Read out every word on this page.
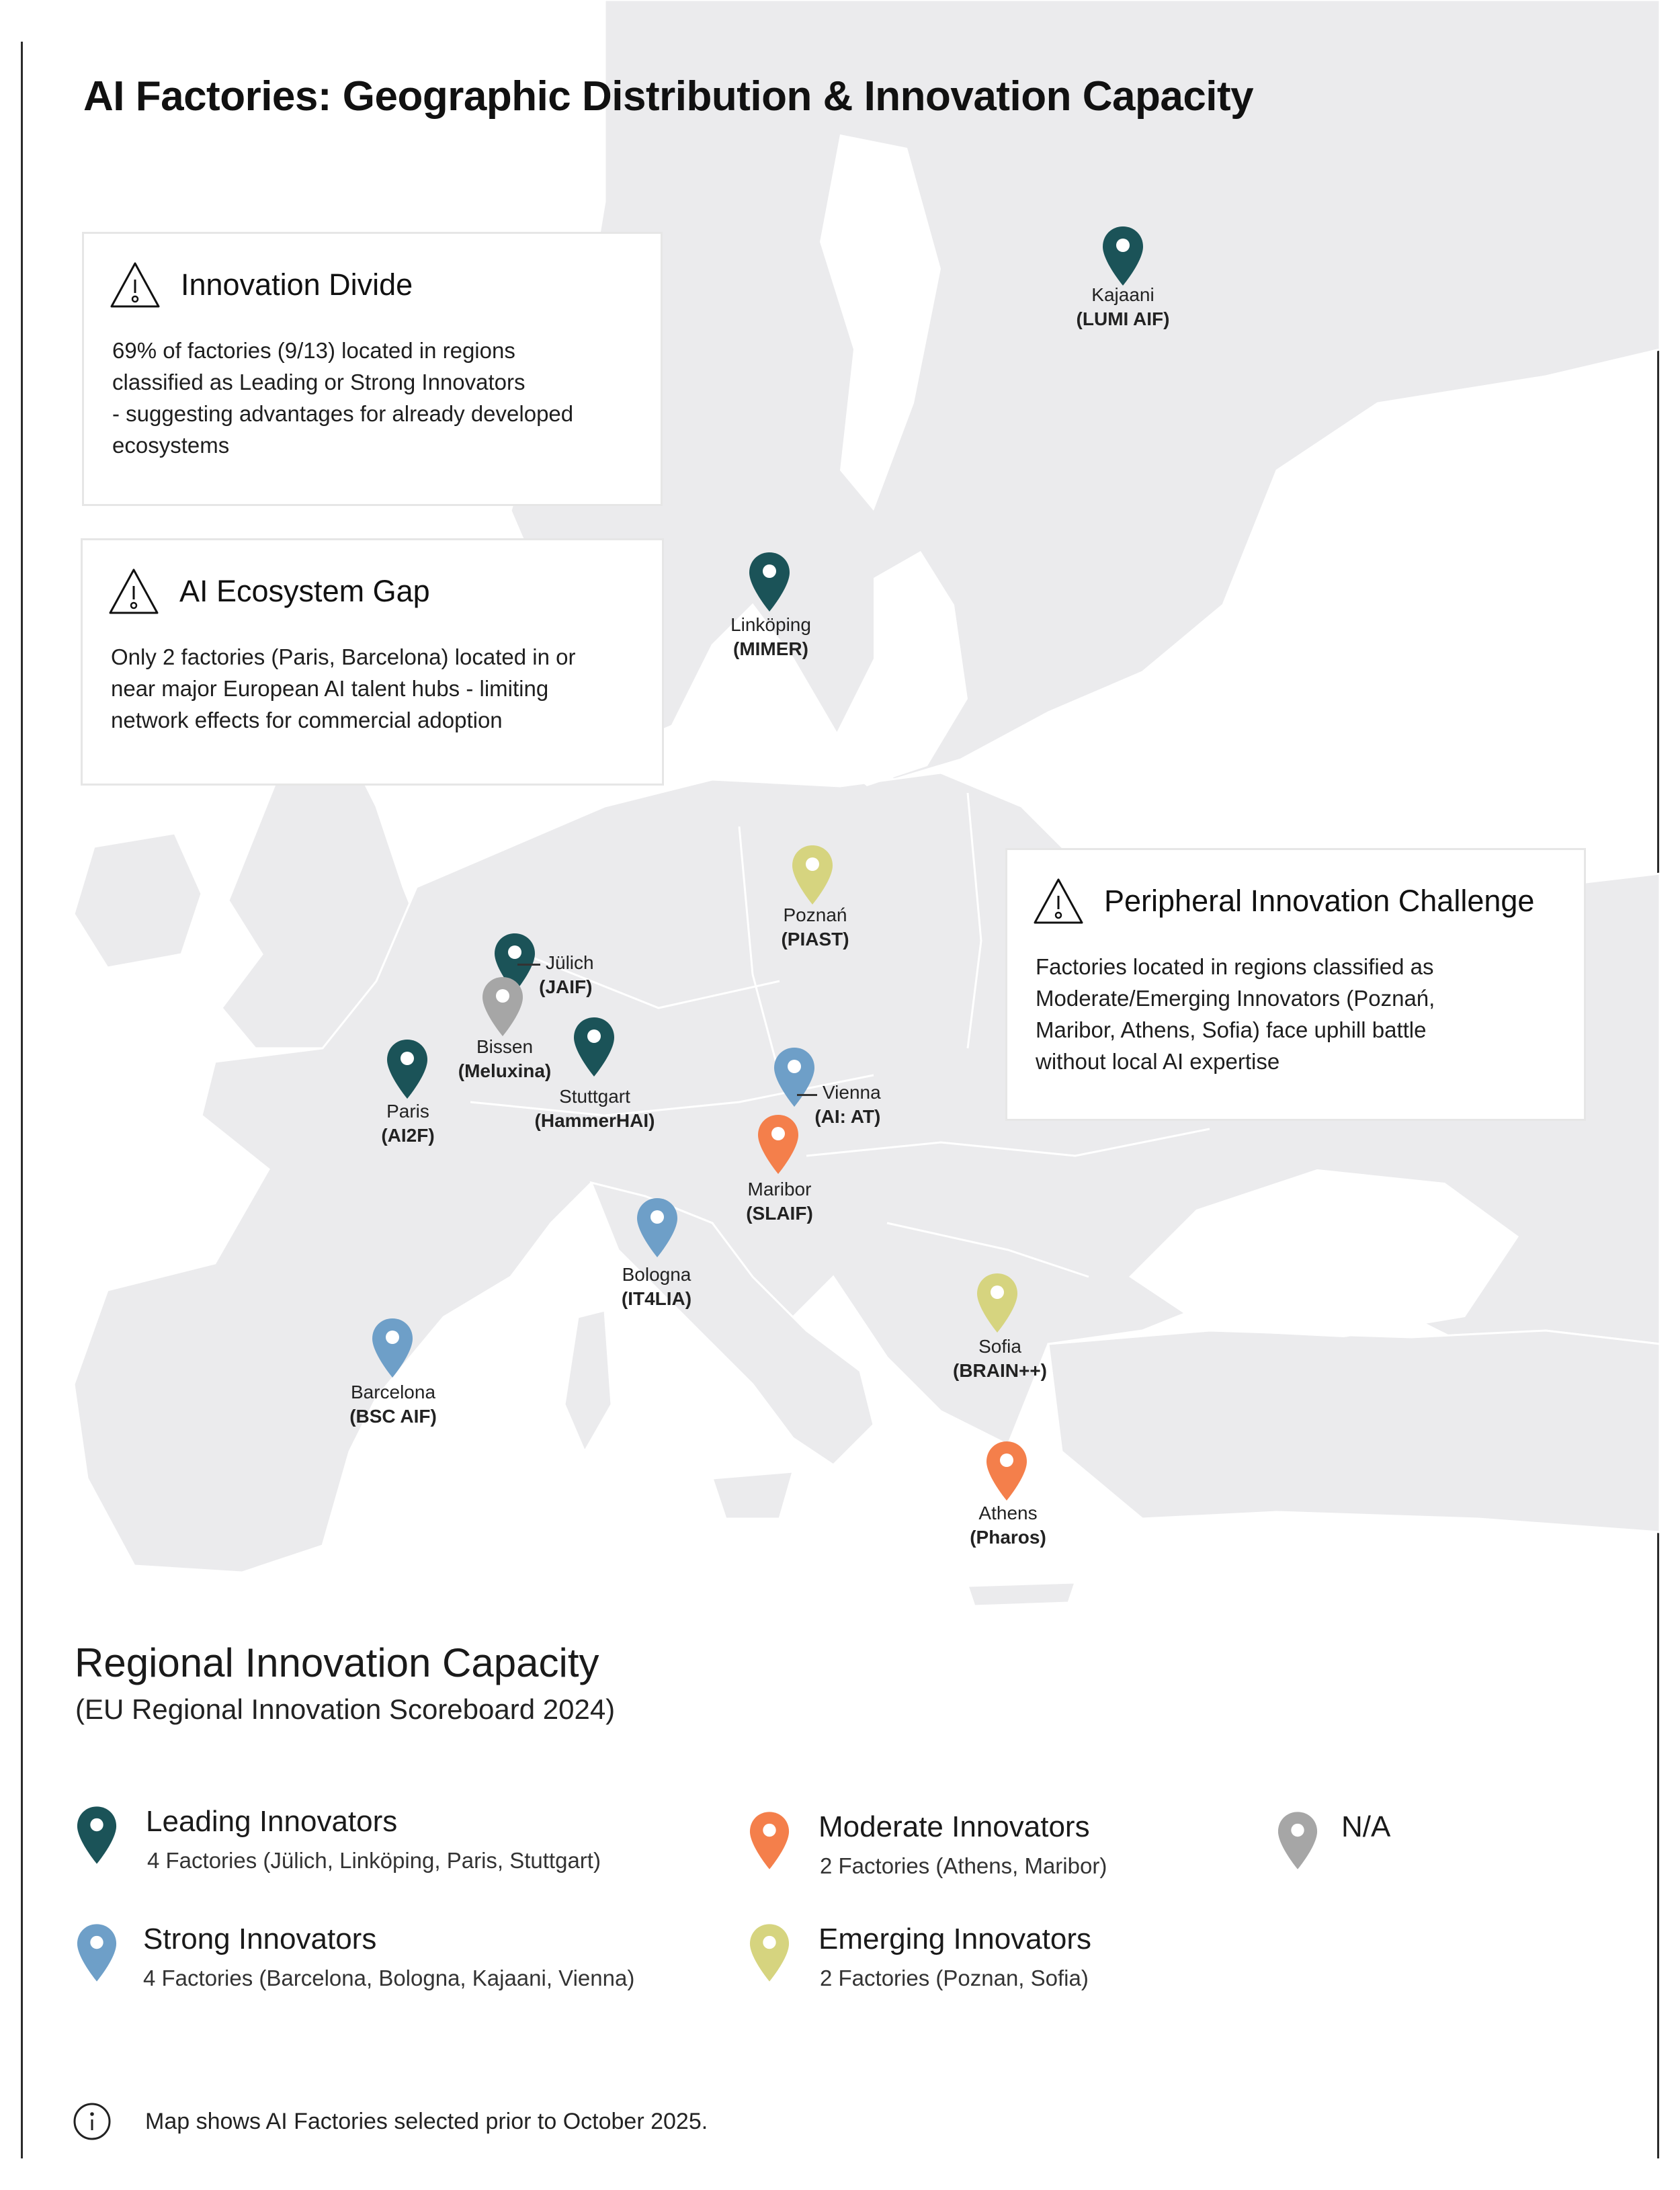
AI Factories: Geographic Distribution & Innovation Capacity
Innovation Divide
69% of factories (9/13) located in regions
classified as Leading or Strong Innovators
- suggesting advantages for already developed
ecosystems
AI Ecosystem Gap
Only 2 factories (Paris, Barcelona) located in or
near major European AI talent hubs - limiting
network effects for commercial adoption
Peripheral Innovation Challenge
Factories located in regions classified as
Moderate/Emerging Innovators (Poznań,
Maribor, Athens, Sofia) face uphill battle
without local AI expertise
Kajaani
(LUMI AIF)
Linköping
(MIMER)
Poznań
(PIAST)
Jülich
(JAIF)
Bissen
(Meluxina)
Stuttgart
(HammerHAI)
Paris
(AI2F)
Vienna
(AI: AT)
Maribor
(SLAIF)
Bologna
(IT4LIA)
Barcelona
(BSC AIF)
Sofia
(BRAIN++)
Athens
(Pharos)
Regional Innovation Capacity
(EU Regional Innovation Scoreboard 2024)
Leading Innovators
4 Factories (Jülich, Linköping, Paris, Stuttgart)
Strong Innovators
4 Factories (Barcelona, Bologna, Kajaani, Vienna)
Moderate Innovators
2 Factories (Athens, Maribor)
Emerging Innovators
2 Factories (Poznan, Sofia)
N/A
Map shows AI Factories selected prior to October 2025.
